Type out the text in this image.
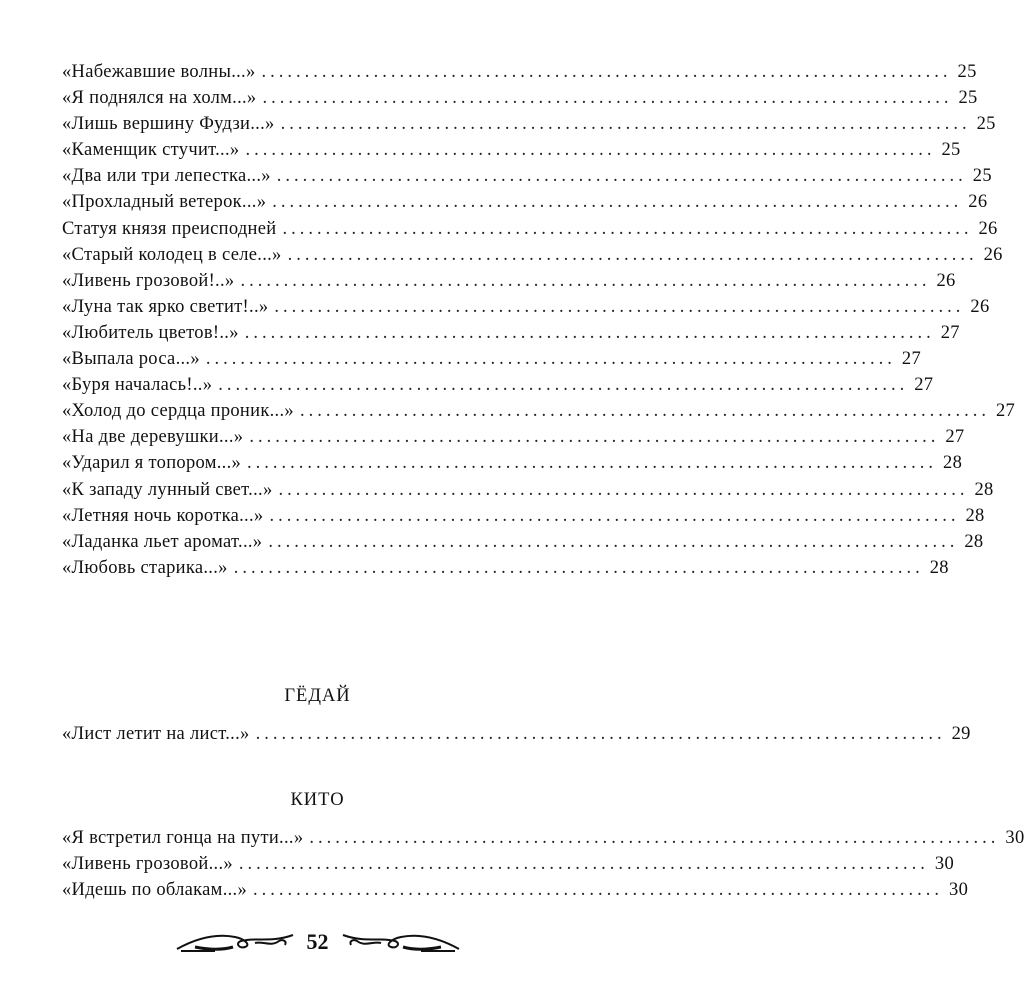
«Набежавшие волны...» ................................................................................ 25
«Я поднялся на холм...» ................................................................................ 25
«Лишь вершину Фудзи...» ................................................................................ 25
«Каменщик стучит...» ................................................................................ 25
«Два или три лепестка...» ................................................................................ 25
«Прохладный ветерок...» ................................................................................ 26
Статуя князя преисподней ................................................................................ 26
«Старый колодец в селе...» ................................................................................ 26
«Ливень грозовой!..» ................................................................................ 26
«Луна так ярко светит!..» ................................................................................ 26
«Любитель цветов!..» ................................................................................ 27
«Выпала роса...» ................................................................................ 27
«Буря началась!..» ................................................................................ 27
«Холод до сердца проник...» ................................................................................ 27
«На две деревушки...» ................................................................................ 27
«Ударил я топором...» ................................................................................ 28
«К западу лунный свет...» ................................................................................ 28
«Летняя ночь коротка...» ................................................................................ 28
«Ладанка льет аромат...» ................................................................................ 28
«Любовь старика...» ................................................................................ 28
ГЁДАЙ
«Лист летит на лист...» ................................................................................ 29
КИТО
«Я встретил гонца на пути...» ................................................................................ 30
«Ливень грозовой...» ................................................................................ 30
«Идешь по облакам...» ................................................................................ 30
52
